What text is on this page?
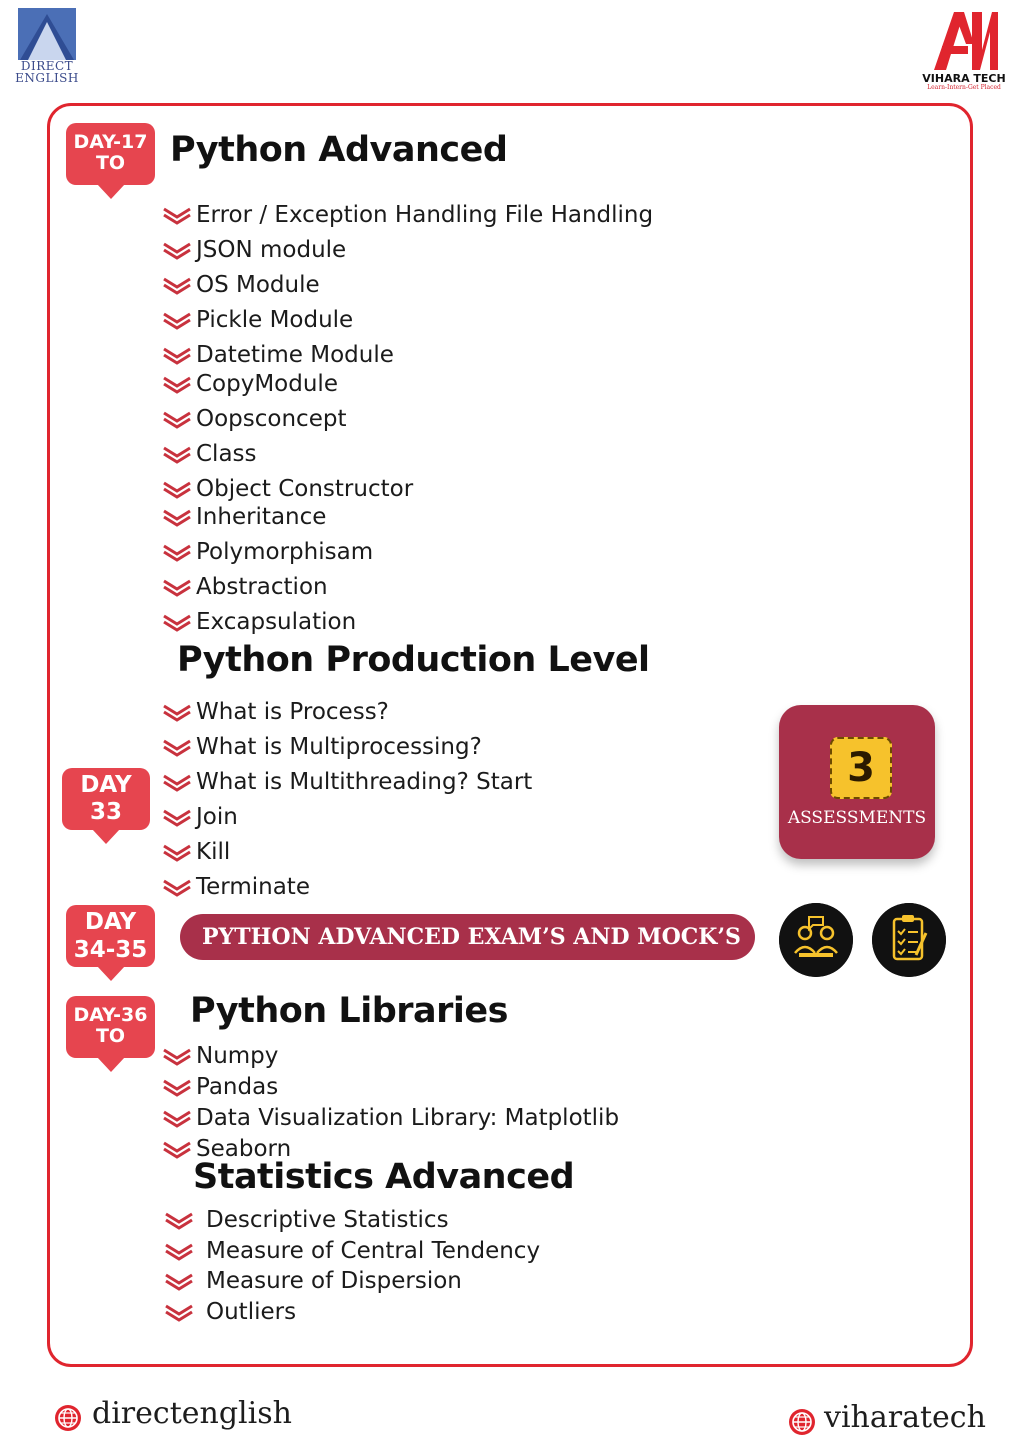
DIRECT
ENGLISH	VIHARA TECH
Learn-Intern-Get Placed
DAY-17
TO	Python Advanced
Error / Exception Handling File Handling
JSON module
OS Module
Pickle Module
Datetime Module
CopyModule
Oopsconcept
Class
Object Constructor
Inheritance
Polymorphisam
Abstraction
Excapsulation
Python Production Level
DAY
33
What is Process?
What is Multiprocessing?
What is Multithreading? Start
Join
Kill
Terminate
3
ASSESSMENTS
DAY
34-35	PYTHON ADVANCED EXAM’S AND MOCK’S
DAY-36
TO
Python Libraries
Numpy
Pandas
Data Visualization Library: Matplotlib
Seaborn
Statistics Advanced
Descriptive Statistics
Measure of Central Tendency
Measure of Dispersion
Outliers
directenglish	viharatech
